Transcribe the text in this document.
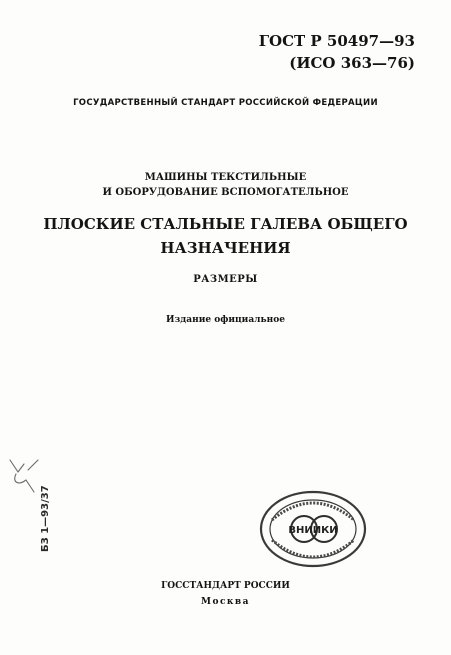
ГОСТ Р 50497—93
(ИСО 363—76)
ГОСУДАРСТВЕННЫЙ СТАНДАРТ РОССИЙСКОЙ ФЕДЕРАЦИИ
МАШИНЫ ТЕКСТИЛЬНЫЕ
И ОБОРУДОВАНИЕ ВСПОМОГАТЕЛЬНОЕ
ПЛОСКИЕ СТАЛЬНЫЕ ГАЛЕВА ОБЩЕГО
НАЗНАЧЕНИЯ
РАЗМЕРЫ
Издание официальное
БЗ 1—93/37	ВНИИКИ
ГОССТАНДАРТ РОССИИ
Москва
